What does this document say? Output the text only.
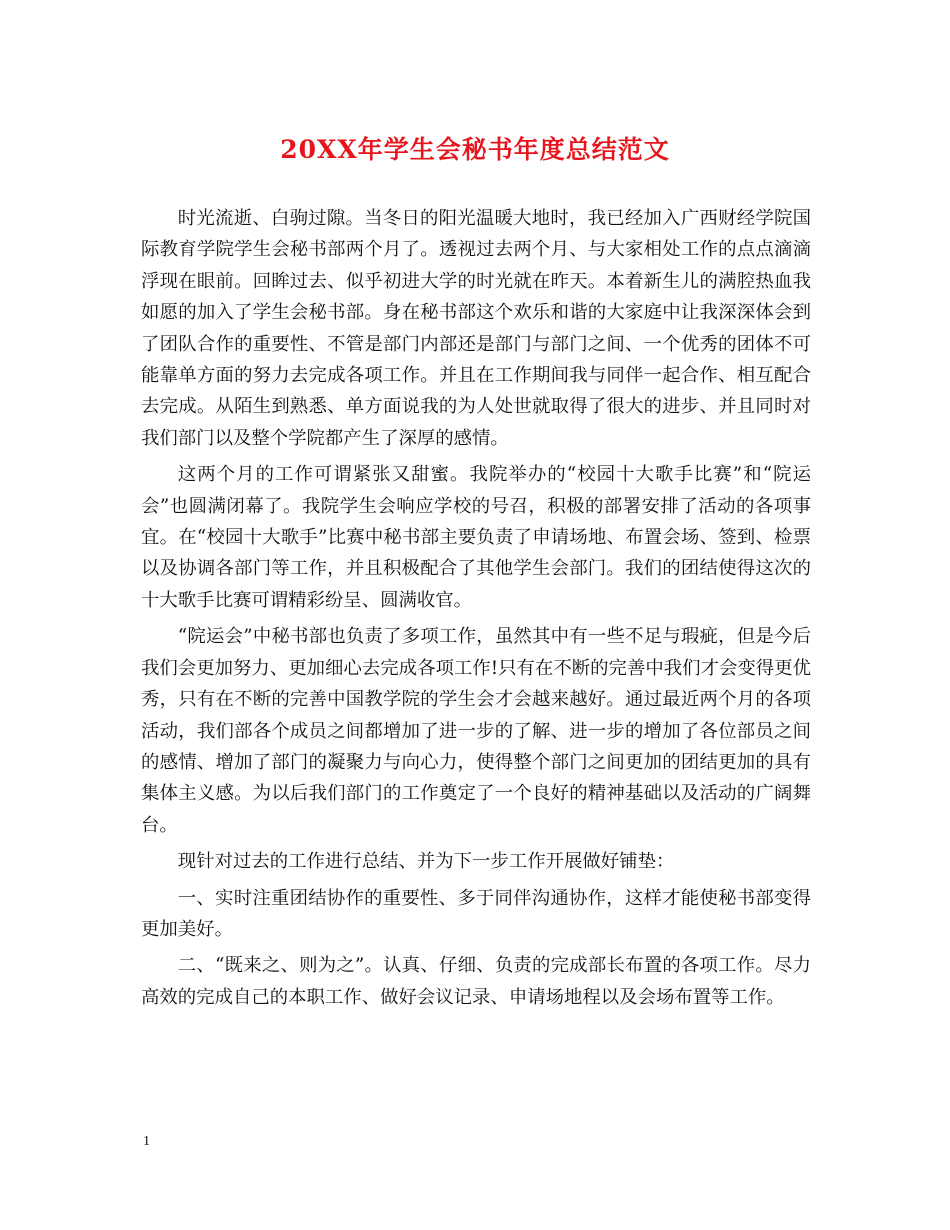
20XX年学生会秘书年度总结范文

时光流逝、白驹过隙。当冬日的阳光温暖大地时，我已经加入广西财经学院国际教育学院学生会秘书部两个月了。透视过去两个月、与大家相处工作的点点滴滴浮现在眼前。回眸过去、似乎初进大学的时光就在昨天。本着新生儿的满腔热血我如愿的加入了学生会秘书部。身在秘书部这个欢乐和谐的大家庭中让我深深体会到了团队合作的重要性、不管是部门内部还是部门与部门之间、一个优秀的团体不可能靠单方面的努力去完成各项工作。并且在工作期间我与同伴一起合作、相互配合去完成。从陌生到熟悉、单方面说我的为人处世就取得了很大的进步、并且同时对我们部门以及整个学院都产生了深厚的感情。

这两个月的工作可谓紧张又甜蜜。我院举办的“校园十大歌手比赛”和“院运会”也圆满闭幕了。我院学生会响应学校的号召，积极的部署安排了活动的各项事宜。在“校园十大歌手”比赛中秘书部主要负责了申请场地、布置会场、签到、检票以及协调各部门等工作，并且积极配合了其他学生会部门。我们的团结使得这次的十大歌手比赛可谓精彩纷呈、圆满收官。

“院运会”中秘书部也负责了多项工作，虽然其中有一些不足与瑕疵，但是今后我们会更加努力、更加细心去完成各项工作!只有在不断的完善中我们才会变得更优秀，只有在不断的完善中国教学院的学生会才会越来越好。通过最近两个月的各项活动，我们部各个成员之间都增加了进一步的了解、进一步的增加了各位部员之间的感情、增加了部门的凝聚力与向心力，使得整个部门之间更加的团结更加的具有集体主义感。为以后我们部门的工作奠定了一个良好的精神基础以及活动的广阔舞台。

现针对过去的工作进行总结、并为下一步工作开展做好铺垫：

一、实时注重团结协作的重要性、多于同伴沟通协作，这样才能使秘书部变得更加美好。

二、“既来之、则为之”。认真、仔细、负责的完成部长布置的各项工作。尽力高效的完成自己的本职工作、做好会议记录、申请场地程以及会场布置等工作。

1
